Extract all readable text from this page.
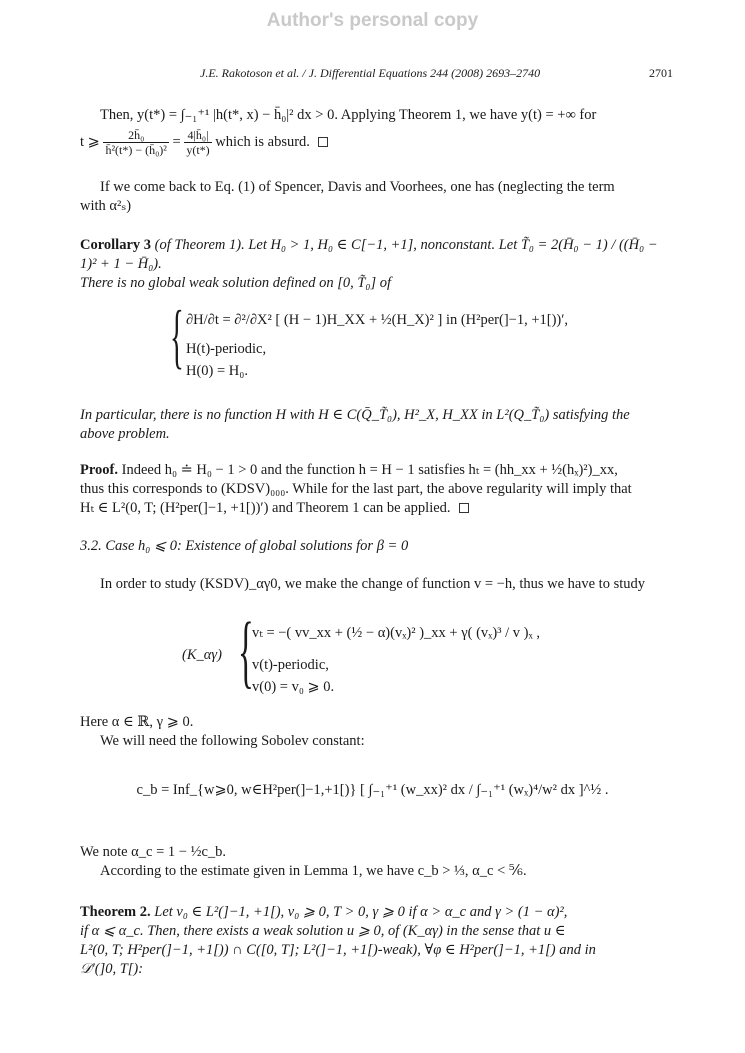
Author's personal copy
J.E. Rakotoson et al. / J. Differential Equations 244 (2008) 2693–2740	2701
Then, y(t*) = ∫₋₁⁺¹ |h(t*, x) − h̄₀|² dx > 0. Applying Theorem 1, we have y(t) = +∞ for
t ⩾ $\frac{\text{2h̄₀}}{\text{h̄²(t*) − (h̄₀)²}} = \frac{\text{4|h̄₀|}}{y(t*)}$ which is absurd.
If we come back to Eq. (1) of Spencer, Davis and Voorhees, one has (neglecting the term
with α²ₛ)
Corollary 3 (of Theorem 1). Let H₀ > 1, H₀ ∈ C[−1, +1], nonconstant. Let T̃₀ = 2(H̄₀ − 1) / ((H̄₀ − 1)² + 1 − H̄₀).
There is no global weak solution defined on [0, T̃₀] of
{ ∂H/∂t = ∂²/∂X² [ (H − 1)H_XX + ½(H_X)² ] in (H²per(]−1, +1[))′,
H(t)-periodic,
H(0) = H₀.
In particular, there is no function H with H ∈ C(Q̄_T̃₀), H²_X, H_XX in L²(Q_T̃₀) satisfying the
above problem.
Proof. Indeed h₀ ≐ H₀ − 1 > 0 and the function h = H − 1 satisfies hₜ = (hh_xx + ½(hₓ)²)_xx,
thus this corresponds to (KDSV)₀₀₀. While for the last part, the above regularity will imply that
Hₜ ∈ L²(0, T; (H²per(]−1, +1[))′) and Theorem 1 can be applied.
3.2. Case h₀ ⩽ 0: Existence of global solutions for β = 0
In order to study (KSDV)_αγ0, we make the change of function v = −h, thus we have to study
(K_αγ) {
vₜ = −( vv_xx + (½ − α)(vₓ)² )_xx + γ( (vₓ)³ / v )ₓ ,
v(t)-periodic,
v(0) = v₀ ⩾ 0.
Here α ∈ ℝ, γ ⩾ 0.
We will need the following Sobolev constant:
c_b = Inf_{w⩾0, w∈H²per(]−1,+1[)} [ ∫₋₁⁺¹ (w_xx)² dx / ∫₋₁⁺¹ (wₓ)⁴/w² dx ]^½ .
We note α_c = 1 − ½c_b.
According to the estimate given in Lemma 1, we have c_b > ⅓, α_c < ⅚.
Theorem 2. Let v₀ ∈ L²(]−1, +1[), v₀ ⩾ 0, T > 0, γ ⩾ 0 if α > α_c and γ > (1 − α)²,
if α ⩽ α_c. Then, there exists a weak solution u ⩾ 0, of (K_αγ) in the sense that u ∈
L²(0, T; H²per(]−1, +1[)) ∩ C([0, T]; L²(]−1, +1[)-weak), ∀φ ∈ H²per(]−1, +1[) and in
𝒟′(]0, T[):
